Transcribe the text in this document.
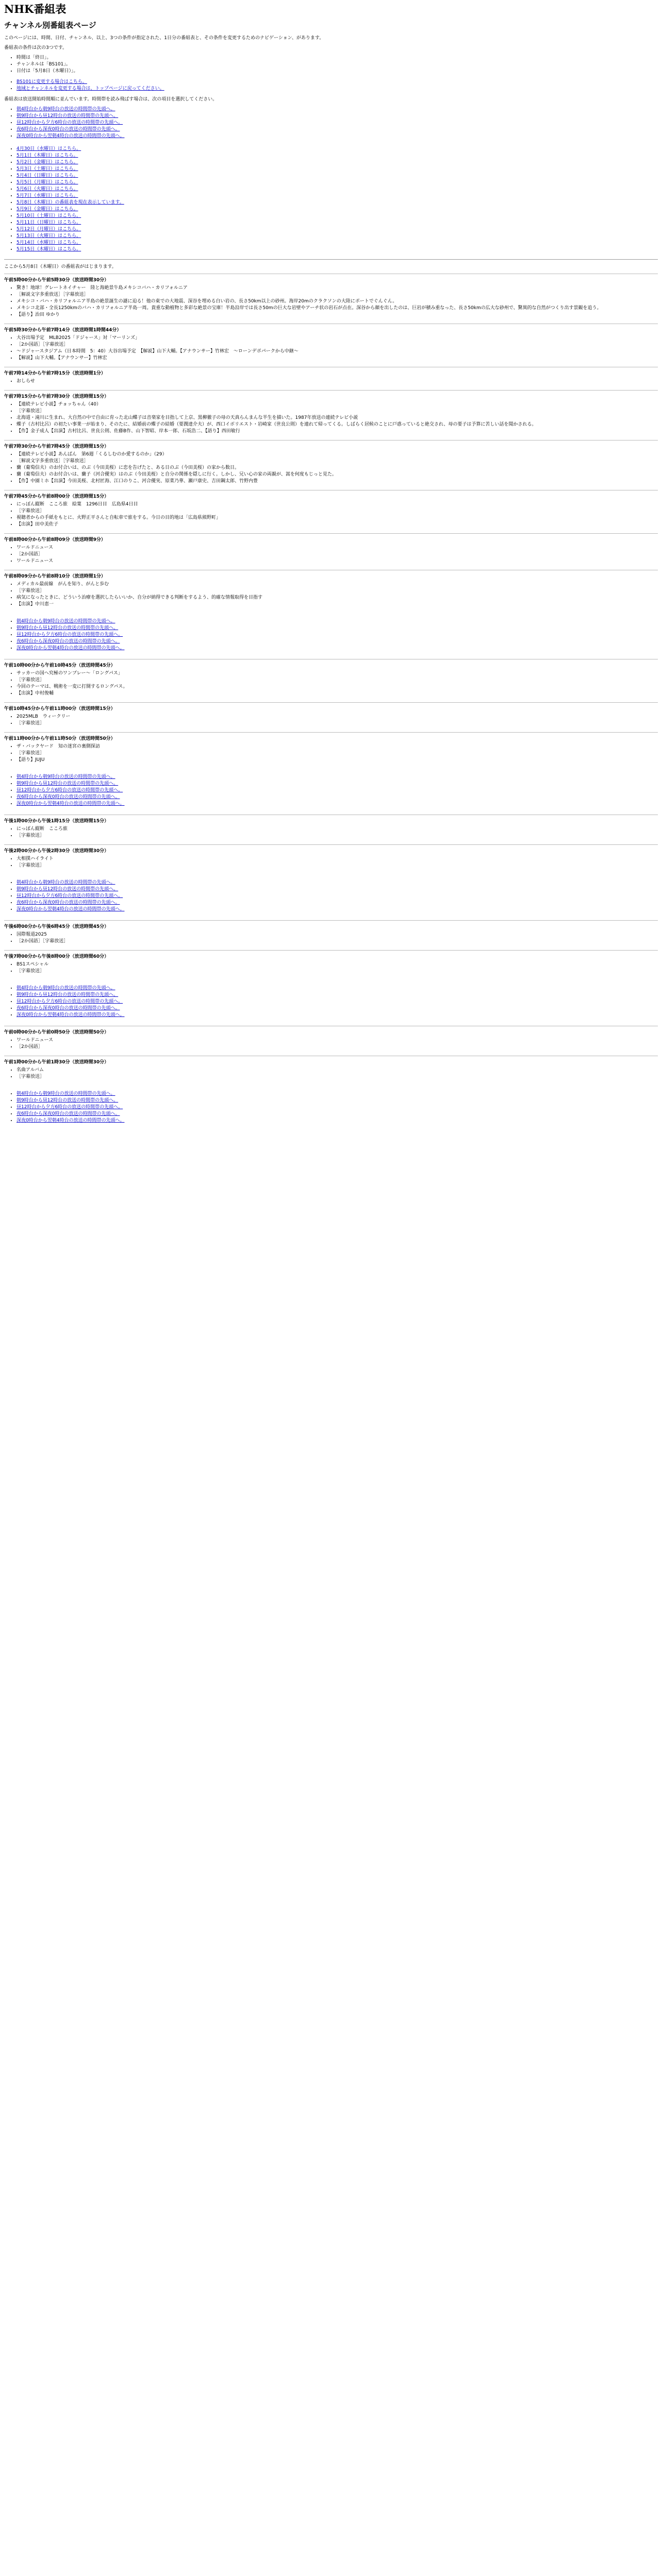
NHK番組表
チャンネル別番組表ページ

このページには、時間、日付、チャンネル、以上、3つの条件が指定された、1日分の番組表と、その条件を変更するためのナビゲーション、があります。

番組表の条件は次の3つです。

• 時間は「終日」。
• チャンネルは「BS101」。
• 日付は「5月8日（木曜日）」。
• BS101に変更する場合はこちら。
• 地域とチャンネルを変更する場合は、トップページに戻ってください。

番組表は放送開始時間順に並んでいます。時間帯を読み飛ばす場合は、次の項目を選択してください。

• 朝4時台から朝9時台の放送の時間帯の先頭へ。
• 朝9時台から昼12時台の放送の時間帯の先頭へ。
• 昼12時台から夕方6時台の放送の時間帯の先頭へ。
• 夜6時台から深夜0時台の放送の時間帯の先頭へ。
• 深夜0時台から翌朝4時台の放送の時間帯の先頭へ。
• 4月30日（水曜日）はこちら。
• 5月1日（木曜日）はこちら。
• 5月2日（金曜日）はこちら。
• 5月3日（土曜日）はこちら。
• 5月4日（日曜日）はこちら。
• 5月5日（月曜日）はこちら。
• 5月6日（火曜日）はこちら。
• 5月7日（水曜日）はこちら。
• 5月8日（木曜日）の番組表を現在表示しています。
• 5月9日（金曜日）はこちら。
• 5月10日（土曜日）はこちら。
• 5月11日（日曜日）はこちら。
• 5月12日（月曜日）はこちら。
• 5月13日（火曜日）はこちら。
• 5月14日（水曜日）はこちら。
• 5月15日（木曜日）はこちら。

ここから5月8日（木曜日）の番組表がはじまります。

午前5時00分から午前5時30分（放送時間30分）
• 驚き！地球！グレートネイチャー　陸と海絶景牛島メキシコバハ・カリフォルニア
• ［解説文字多重放送］［字幕放送］
• メキシコ・バハ・カリフォルニア半島の絶景誕生の謎に迫る！他の東での大地震、深谷を埋める白い岩の、長さ50km以上の砂州。海岸20mのクラクソンの大陸にポートでぐんぐん。
• メキシコ北部・全長1250kmのバハ・カリフォルニア半島一周。貴重な動植物と多彩な絶景の宝庫！半島沿岸では長さ50mの巨大な岩壁やアーチ状の岩石が点在。深谷から顔を出したのは、巨岩が積み重なった、長さ50kmの広大な砂州で、驚異的な自然がつくり出す景観を追う。
• 【語り】治田 ゆかり
午前5時30分から午前7時14分（放送時間1時間44分）
• 大谷出場予定　MLB2025「ドジャース」対「マーリンズ」
• ［2か国語］［字幕放送］
• 〜ドジャースタジアム（日本時間　5：40）大谷出場予定　【解説】山下大輔。【アナウンサー】竹林宏　〜ローンデポパークから中継〜
• 【解説】山下大輔。【アナウンサー】竹林宏
午前7時14分から午前7時15分（放送時間1分）
• おしらせ
午前7時15分から午前7時30分（放送時間15分）
• 【連続テレビ小説】チョッちゃん（40）
• ［字幕放送］
• 北海道・滝川に生まれ、大自然の中で自由に育った北山蝶子は音楽家を目指して上京、黒柳徹子の母の天真らんまんな半生を描いた。1987年放送の連続テレビ小説
• 蝶子（古村比呂）の初たい事業一が始まり、そのたに、結婚前の蝶子の結婚（要潤達介夫）が、西口イボリエスト・岩崎家（世良公則）を連れて帰ってくる。しばらく居候のことに戸惑っていると絶交され、母の要子は予算に苦しい話を聞かされる。
• 【作】金子成人【出演】古村比呂、世良公則、佐藤B作、山下智昭、岸本一郎、石坂浩二、【語り】西田敏行
午前7時30分から午前7時45分（放送時間15分）
• 【連続テレビ小説】あんぱん　第6週「くるしむのか愛するのか」（29）
• ［解説文字多重放送］［字幕放送］
• 蘭（葡萄信夫）のお付合いは、のぶ（今田美桜）に恋を告げたと、ある日のぶ（今田美桜）の家から数日。
• 蘭（葡萄信夫）のお付合いは、蘭子（河合優実）はのぶ（今田美桜）と自分の関係を隠しに行く。しかし、兄い心の家の両親が、嵩を何度もじっと見た。
• 【作】中園ミホ【出演】今田美桜、北村匠海、江口のりこ、河合優実、原菜乃華、瀬戸康史、吉田鋼太郎、竹野内豊
午前7時45分から午前8時00分（放送時間15分）
• にっぽん縦断　こころ旅　絵葉　1296日目　広島県4日目
• ［字幕放送］
• 視聴者からの手紙をもとに、火野正平さんと自転車で旅をする。今日の目的地は「広島県熊野町」
• 【出演】田中美佐子
午前8時00分から午前8時09分（放送時間9分）
• ワールドニュース
• ［2か国語］
• ワールドニュース
午前8時09分から午前8時10分（放送時間1分）
• メディカル最前線　がんを知り、がんと歩む
• ［字幕放送］
• 病気になったときに、どういう治療を選択したらいいか、自分が納得できる判断をするよう、的確な情報取得を目指す
• 【出演】中川恵一
• 朝4時台から朝9時台の放送の時間帯の先頭へ。
• 朝9時台から昼12時台の放送の時間帯の先頭へ。
• 昼12時台から夕方6時台の放送の時間帯の先頭へ。
• 夜6時台から深夜0時台の放送の時間帯の先頭へ。
• 深夜0時台から翌朝4時台の放送の時間帯の先頭へ。
午前10時00分から午前10時45分（放送時間45分）
• サッカーの国へ究極のワンプレー〜「ロングパス」
• ［字幕放送］
• 今回のテーマは、戦術を一変に打開するロングパス。
• 【出演】中村俊輔
午前10時45分から午前11時00分（放送時間15分）
• 2025MLB　ウィークリー
• ［字幕放送］
午前11時00分から午前11時50分（放送時間50分）
• ザ・バックヤード　知の迷宮の裏側探訪
• ［字幕放送］
• 【語り】JUJU
• 朝4時台から朝9時台の放送の時間帯の先頭へ。
• 朝9時台から昼12時台の放送の時間帯の先頭へ。
• 昼12時台から夕方6時台の放送の時間帯の先頭へ。
• 夜6時台から深夜0時台の放送の時間帯の先頭へ。
• 深夜0時台から翌朝4時台の放送の時間帯の先頭へ。
午後1時00分から午後1時15分（放送時間15分）
• にっぽん縦断　こころ旅
• ［字幕放送］
午後2時00分から午後2時30分（放送時間30分）
• 大相撲ハイライト
• ［字幕放送］
• 朝4時台から朝9時台の放送の時間帯の先頭へ。
• 朝9時台から昼12時台の放送の時間帯の先頭へ。
• 昼12時台から夕方6時台の放送の時間帯の先頭へ。
• 夜6時台から深夜0時台の放送の時間帯の先頭へ。
• 深夜0時台から翌朝4時台の放送の時間帯の先頭へ。
午後6時00分から午後6時45分（放送時間45分）
• 国際報道2025
• ［2か国語］［字幕放送］
午後7時00分から午後8時00分（放送時間60分）
• BS1スペシャル
• ［字幕放送］
• 朝4時台から朝9時台の放送の時間帯の先頭へ。
• 朝9時台から昼12時台の放送の時間帯の先頭へ。
• 昼12時台から夕方6時台の放送の時間帯の先頭へ。
• 夜6時台から深夜0時台の放送の時間帯の先頭へ。
• 深夜0時台から翌朝4時台の放送の時間帯の先頭へ。
午前0時00分から午前0時50分（放送時間50分）
• ワールドニュース
• ［2か国語］
午前1時00分から午前1時30分（放送時間30分）
• 名曲アルバム
• ［字幕放送］
• 朝4時台から朝9時台の放送の時間帯の先頭へ。
• 朝9時台から昼12時台の放送の時間帯の先頭へ。
• 昼12時台から夕方6時台の放送の時間帯の先頭へ。
• 夜6時台から深夜0時台の放送の時間帯の先頭へ。
• 深夜0時台から翌朝4時台の放送の時間帯の先頭へ。
